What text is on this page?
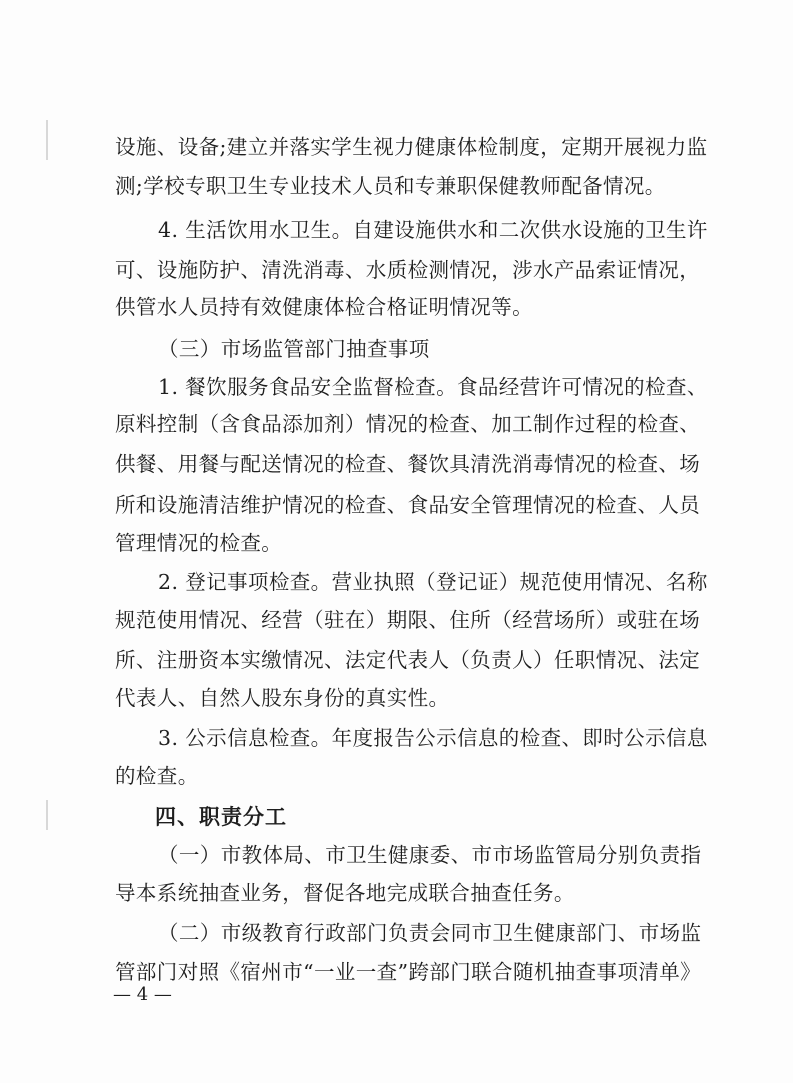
设施、设备;建立并落实学生视力健康体检制度，定期开展视力监
测;学校专职卫生专业技术人员和专兼职保健教师配备情况。
4. 生活饮用水卫生。自建设施供水和二次供水设施的卫生许
可、设施防护、清洗消毒、水质检测情况，涉水产品索证情况，
供管水人员持有效健康体检合格证明情况等。
（三）市场监管部门抽查事项
1. 餐饮服务食品安全监督检查。食品经营许可情况的检查、
原料控制（含食品添加剂）情况的检查、加工制作过程的检查、
供餐、用餐与配送情况的检查、餐饮具清洗消毒情况的检查、场
所和设施清洁维护情况的检查、食品安全管理情况的检查、人员
管理情况的检查。
2. 登记事项检查。营业执照（登记证）规范使用情况、名称
规范使用情况、经营（驻在）期限、住所（经营场所）或驻在场
所、注册资本实缴情况、法定代表人（负责人）任职情况、法定
代表人、自然人股东身份的真实性。
3. 公示信息检查。年度报告公示信息的检查、即时公示信息
的检查。
四、职责分工
（一）市教体局、市卫生健康委、市市场监管局分别负责指
导本系统抽查业务，督促各地完成联合抽查任务。
（二）市级教育行政部门负责会同市卫生健康部门、市场监
管部门对照《宿州市“一业一查”跨部门联合随机抽查事项清单》
— 4 —
